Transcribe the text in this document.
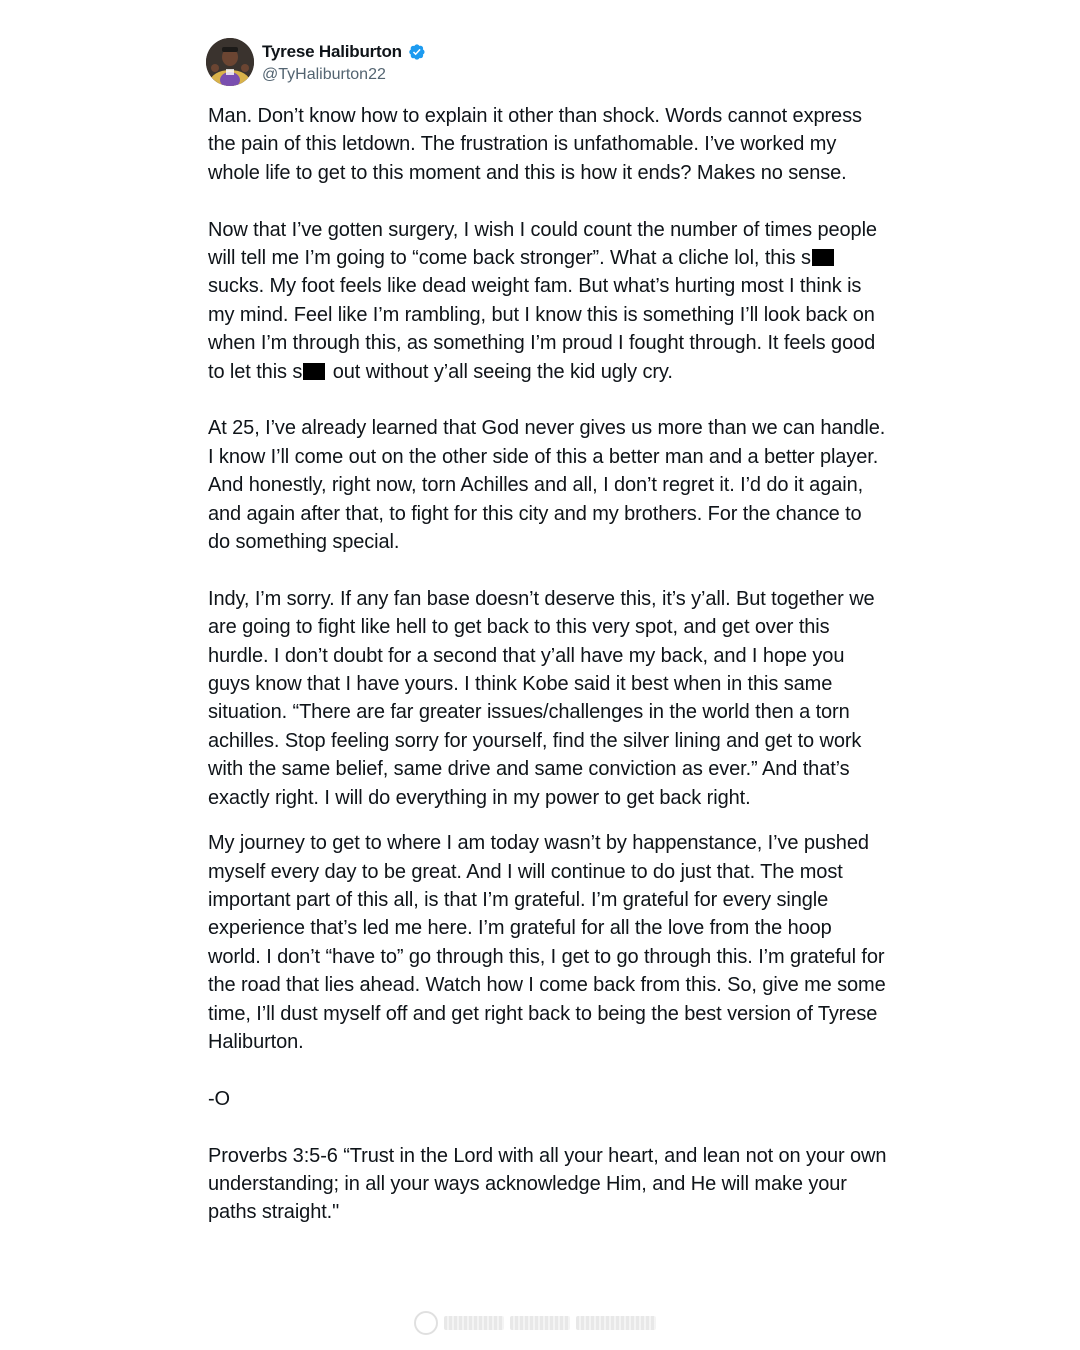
Tyrese Haliburton
@TyHaliburton22

Man. Don’t know how to explain it other than shock. Words cannot express the pain of this letdown. The frustration is unfathomable. I’ve worked my whole life to get to this moment and this is how it ends? Makes no sense.

Now that I’ve gotten surgery, I wish I could count the number of times people will tell me I’m going to “come back stronger”. What a cliche lol, this s sucks. My foot feels like dead weight fam. But what’s hurting most I think is my mind. Feel like I’m rambling, but I know this is something I’ll look back on when I’m through this, as something I’m proud I fought through. It feels good to let this s out without y’all seeing the kid ugly cry.

At 25, I’ve already learned that God never gives us more than we can handle. I know I’ll come out on the other side of this a better man and a better player. And honestly, right now, torn Achilles and all, I don’t regret it. I’d do it again, and again after that, to fight for this city and my brothers. For the chance to do something special.

Indy, I’m sorry. If any fan base doesn’t deserve this, it’s y’all. But together we are going to fight like hell to get back to this very spot, and get over this hurdle. I don’t doubt for a second that y’all have my back, and I hope you guys know that I have yours. I think Kobe said it best when in this same situation. “There are far greater issues/challenges in the world then a torn achilles. Stop feeling sorry for yourself, find the silver lining and get to work with the same belief, same drive and same conviction as ever.” And that’s exactly right. I will do everything in my power to get back right.

My journey to get to where I am today wasn’t by happenstance, I’ve pushed myself every day to be great. And I will continue to do just that. The most important part of this all, is that I’m grateful. I’m grateful for every single experience that’s led me here. I’m grateful for all the love from the hoop world. I don’t “have to” go through this, I get to go through this. I’m grateful for the road that lies ahead. Watch how I come back from this. So, give me some time, I’ll dust myself off and get right back to being the best version of Tyrese Haliburton.

-O

Proverbs 3:5-6 “Trust in the Lord with all your heart, and lean not on your own understanding; in all your ways acknowledge Him, and He will make your paths straight."
